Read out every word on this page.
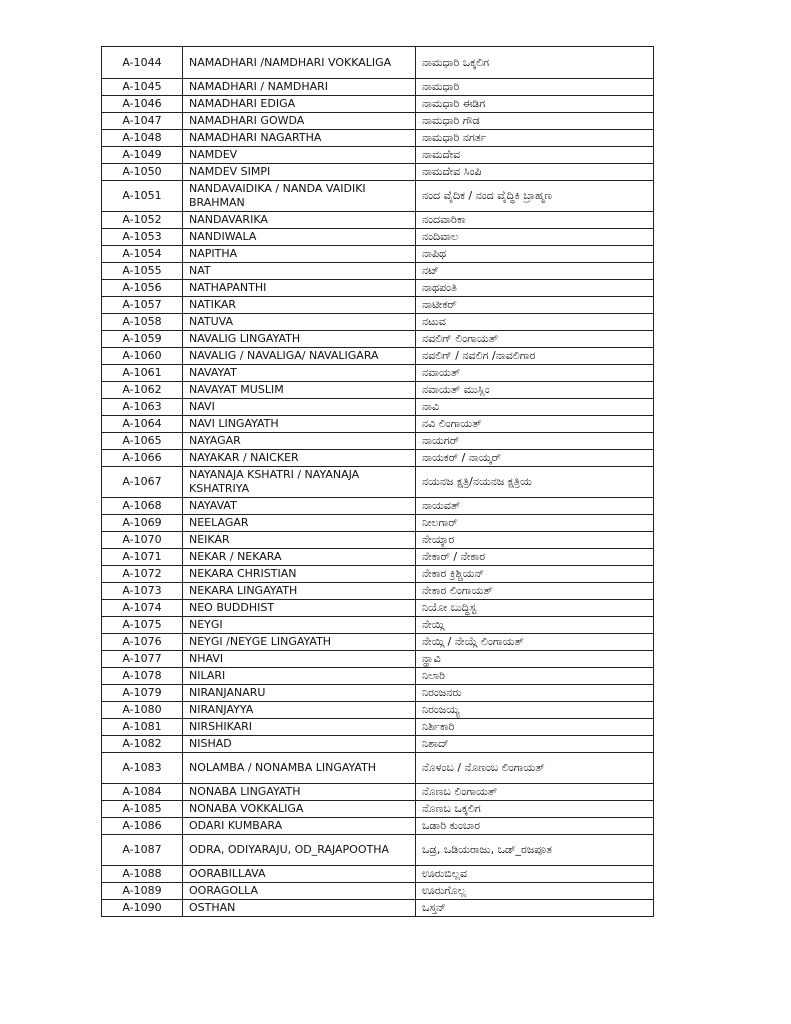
A-1044	NAMADHARI /NAMDHARI VOKKALIGA	ನಾಮಧಾರಿ ಒಕ್ಕಲಿಗ
A-1045	NAMADHARI / NAMDHARI	ನಾಮಧಾರಿ
A-1046	NAMADHARI EDIGA	ನಾಮಧಾರಿ ಈಡಿಗ
A-1047	NAMADHARI GOWDA	ನಾಮಧಾರಿ ಗೌಡ
A-1048	NAMADHARI NAGARTHA	ನಾಮಧಾರಿ ನಗರ್ತ
A-1049	NAMDEV	ನಾಮದೇವ
A-1050	NAMDEV SIMPI	ನಾಮದೇವ ಸಿಂಪಿ
A-1051	NANDAVAIDIKA / NANDA VAIDIKI BRAHMAN	ನಂದ ವೈದಿಕ / ನಂದ ವೈದ್ಧಿಕಿ ಬ್ರಾಹ್ಮಣ
A-1052	NANDAVARIKA	ನಂದವಾರಿಕಾ
A-1053	NANDIWALA	ನಂದಿವಾಲ
A-1054	NAPITHA	ನಾಪಿಥ
A-1055	NAT	ನಟ್
A-1056	NATHAPANTHI	ನಾಥಪಂತಿ
A-1057	NATIKAR	ನಾಟೀಕರ್
A-1058	NATUVA	ನಟುವ
A-1059	NAVALIG LINGAYATH	ನವಲಿಗ್ ಲಿಂಗಾಯತ್
A-1060	NAVALIG / NAVALIGA/ NAVALIGARA	ನವಲಿಗ್ / ನವಲಿಗ /ನಾವಲಿಗಾರ
A-1061	NAVAYAT	ನವಾಯತ್
A-1062	NAVAYAT MUSLIM	ನವಾಯತ್ ಮುಸ್ಲಿಂ
A-1063	NAVI	ನಾವಿ
A-1064	NAVI LINGAYATH	ನವಿ ಲಿಂಗಾಯತ್
A-1065	NAYAGAR	ನಾಯಗರ್
A-1066	NAYAKAR / NAICKER	ನಾಯಕರ್ / ನಾಯ್ಕರ್
A-1067	NAYANAJA KSHATRI / NAYANAJA KSHATRIYA	ನಯನಜ ಕ್ಷತ್ರಿ/ನಯನಜ ಕ್ಷತ್ರಿಯ
A-1068	NAYAVAT	ನಾಯವತ್
A-1069	NEELAGAR	ನೀಲಗಾರ್
A-1070	NEIKAR	ನೇಯ್ಕಾರ
A-1071	NEKAR / NEKARA	ನೇಕಾರ್ / ನೇಕಾರ
A-1072	NEKARA CHRISTIAN	ನೇಕಾರ ಕ್ರಿಶ್ಚಿಯನ್
A-1073	NEKARA LINGAYATH	ನೇಕಾರ ಲಿಂಗಾಯತ್
A-1074	NEO BUDDHIST	ನಿಯೋ ಬುದ್ಧಿಸ್ಟ
A-1075	NEYGI	ನೇಯ್ಗಿ
A-1076	NEYGI /NEYGE LINGAYATH	ನೇಯ್ಗಿ / ನೇಯ್ಗೆ ಲಿಂಗಾಯತ್
A-1077	NHAVI	ನ್ಹಾವಿ
A-1078	NILARI	ನಿಲಾರಿ
A-1079	NIRANJANARU	ನಿರಂಜನರು
A-1080	NIRANJAYYA	ನಿರಂಜಯ್ಯ
A-1081	NIRSHIKARI	ನಿರ್ಶಿಕಾರಿ
A-1082	NISHAD	ನಿಶಾದ್
A-1083	NOLAMBA / NONAMBA LINGAYATH	ನೊಳಂಬ / ನೊಣಂಬ ಲಿಂಗಾಯತ್
A-1084	NONABA LINGAYATH	ನೊಣಬ ಲಿಂಗಾಯತ್
A-1085	NONABA VOKKALIGA	ನೊಣಬ ಒಕ್ಕಲಿಗ
A-1086	ODARI KUMBARA	ಒಡಾರಿ ಕುಂಬಾರ
A-1087	ODRA, ODIYARAJU, OD_RAJAPOOTHA	ಒಡ್ರ, ಒಡಿಯರಾಜು, ಒಡ್_ರಜಪೂತ
A-1088	OORABILLAVA	ಊರುಬಿಲ್ಲವ
A-1089	OORAGOLLA	ಊರುಗೊಲ್ಲ
A-1090	OSTHAN	ಒಸ್ತನ್
